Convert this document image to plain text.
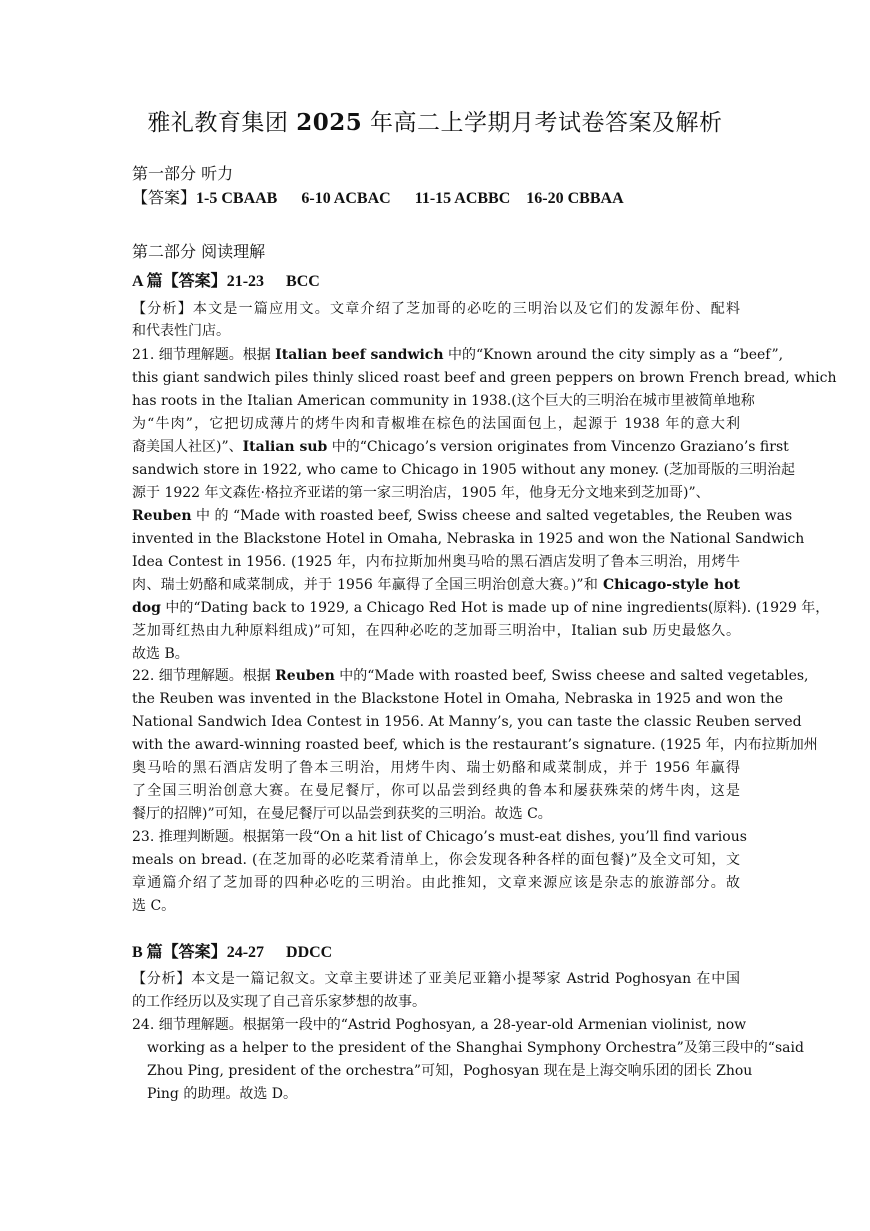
雅礼教育集团 2025 年高二上学期月考试卷答案及解析
第一部分 听力
【答案】1-5 CBAAB 6-10 ACBAC 11-15 ACBBC 16-20 CBBAA
第二部分 阅读理解
A 篇【答案】21-23 BCC
【分析】本文是一篇应用文。文章介绍了芝加哥的必吃的三明治以及它们的发源年份、配料
和代表性门店。
21. 细节理解题。根据 Italian beef sandwich 中的“Known around the city simply as a “beef”,
this giant sandwich piles thinly sliced roast beef and green peppers on brown French bread, which
has roots in the Italian American community in 1938.(这个巨大的三明治在城市里被简单地称
为“牛肉”，它把切成薄片的烤牛肉和青椒堆在棕色的法国面包上，起源于 1938 年的意大利
裔美国人社区)”、Italian sub 中的“Chicago’s version originates from Vincenzo Graziano’s first
sandwich store in 1922, who came to Chicago in 1905 without any money. (芝加哥版的三明治起
源于 1922 年文森佐·格拉齐亚诺的第一家三明治店，1905 年，他身无分文地来到芝加哥)”、
Reuben 中 的 “Made with roasted beef, Swiss cheese and salted vegetables, the Reuben was
invented in the Blackstone Hotel in Omaha, Nebraska in 1925 and won the National Sandwich
Idea Contest in 1956. (1925 年，内布拉斯加州奥马哈的黑石酒店发明了鲁本三明治，用烤牛
肉、瑞士奶酪和咸菜制成，并于 1956 年赢得了全国三明治创意大赛。)”和 Chicago-style hot
dog 中的“Dating back to 1929, a Chicago Red Hot is made up of nine ingredients(原料). (1929 年，
芝加哥红热由九种原料组成)”可知，在四种必吃的芝加哥三明治中，Italian sub 历史最悠久。
故选 B。
22. 细节理解题。根据 Reuben 中的“Made with roasted beef, Swiss cheese and salted vegetables,
the Reuben was invented in the Blackstone Hotel in Omaha, Nebraska in 1925 and won the
National Sandwich Idea Contest in 1956. At Manny’s, you can taste the classic Reuben served
with the award-winning roasted beef, which is the restaurant’s signature. (1925 年，内布拉斯加州
奥马哈的黑石酒店发明了鲁本三明治，用烤牛肉、瑞士奶酪和咸菜制成，并于 1956 年赢得
了全国三明治创意大赛。在曼尼餐厅，你可以品尝到经典的鲁本和屡获殊荣的烤牛肉，这是
餐厅的招牌)”可知，在曼尼餐厅可以品尝到获奖的三明治。故选 C。
23. 推理判断题。根据第一段“On a hit list of Chicago’s must-eat dishes, you’ll find various
meals on bread. (在芝加哥的必吃菜肴清单上，你会发现各种各样的面包餐)”及全文可知，文
章通篇介绍了芝加哥的四种必吃的三明治。由此推知，文章来源应该是杂志的旅游部分。故
选 C。
B 篇【答案】24-27 DDCC
【分析】本文是一篇记叙文。文章主要讲述了亚美尼亚籍小提琴家 Astrid Poghosyan 在中国
的工作经历以及实现了自己音乐家梦想的故事。
24. 细节理解题。根据第一段中的“Astrid Poghosyan, a 28-year-old Armenian violinist, now
working as a helper to the president of the Shanghai Symphony Orchestra”及第三段中的“said
Zhou Ping, president of the orchestra”可知，Poghosyan 现在是上海交响乐团的团长 Zhou
Ping 的助理。故选 D。
